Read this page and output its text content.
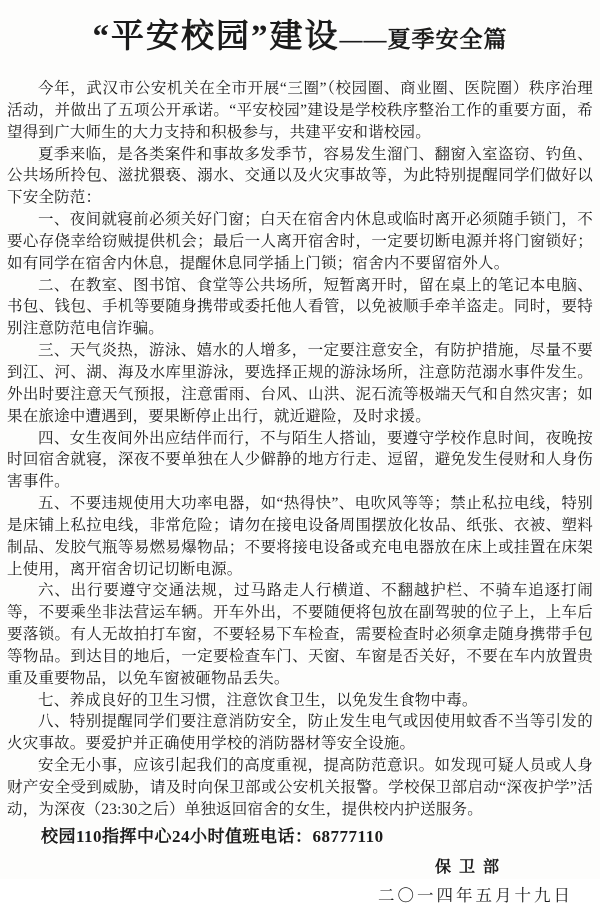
“平安校园”建设——夏季安全篇

今年，武汉市公安机关在全市开展“三圈”（校园圈、商业圈、医院圈）秩序治理活动，并做出了五项公开承诺。“平安校园”建设是学校秩序整治工作的重要方面，希望得到广大师生的大力支持和积极参与，共建平安和谐校园。

夏季来临，是各类案件和事故多发季节，容易发生溜门、翻窗入室盗窃、钓鱼、公共场所拎包、滋扰猥亵、溺水、交通以及火灾事故等，为此特别提醒同学们做好以下安全防范：

一、夜间就寝前必须关好门窗；白天在宿舍内休息或临时离开必须随手锁门，不要心存侥幸给窃贼提供机会；最后一人离开宿舍时，一定要切断电源并将门窗锁好；如有同学在宿舍内休息，提醒休息同学插上门锁；宿舍内不要留宿外人。

二、在教室、图书馆、食堂等公共场所，短暂离开时，留在桌上的笔记本电脑、书包、钱包、手机等要随身携带或委托他人看管，以免被顺手牵羊盗走。同时，要特别注意防范电信诈骗。

三、天气炎热，游泳、嬉水的人增多，一定要注意安全，有防护措施，尽量不要到江、河、湖、海及水库里游泳，要选择正规的游泳场所，注意防范溺水事件发生。外出时要注意天气预报，注意雷雨、台风、山洪、泥石流等极端天气和自然灾害；如果在旅途中遭遇到，要果断停止出行，就近避险，及时求援。

四、女生夜间外出应结伴而行，不与陌生人搭讪，要遵守学校作息时间，夜晚按时回宿舍就寝，深夜不要单独在人少僻静的地方行走、逗留，避免发生侵财和人身伤害事件。

五、不要违规使用大功率电器，如“热得快”、电吹风等等；禁止私拉电线，特别是床铺上私拉电线，非常危险；请勿在接电设备周围摆放化妆品、纸张、衣被、塑料制品、发胶气瓶等易燃易爆物品；不要将接电设备或充电电器放在床上或挂置在床架上使用，离开宿舍切记切断电源。

六、出行要遵守交通法规，过马路走人行横道、不翻越护栏、不骑车追逐打闹等，不要乘坐非法营运车辆。开车外出，不要随便将包放在副驾驶的位子上，上车后要落锁。有人无故拍打车窗，不要轻易下车检查，需要检查时必须拿走随身携带手包等物品。到达目的地后，一定要检查车门、天窗、车窗是否关好，不要在车内放置贵重及重要物品，以免车窗被砸物品丢失。

七、养成良好的卫生习惯，注意饮食卫生，以免发生食物中毒。

八、特别提醒同学们要注意消防安全，防止发生电气或因使用蚊香不当等引发的火灾事故。要爱护并正确使用学校的消防器材等安全设施。

安全无小事，应该引起我们的高度重视，提高防范意识。如发现可疑人员或人身财产安全受到威胁，请及时向保卫部或公安机关报警。学校保卫部启动“深夜护学”活动，为深夜（23:30之后）单独返回宿舍的女生，提供校内护送服务。

校园110指挥中心24小时值班电话：68777110

保 卫 部

二〇一四年五月十九日
